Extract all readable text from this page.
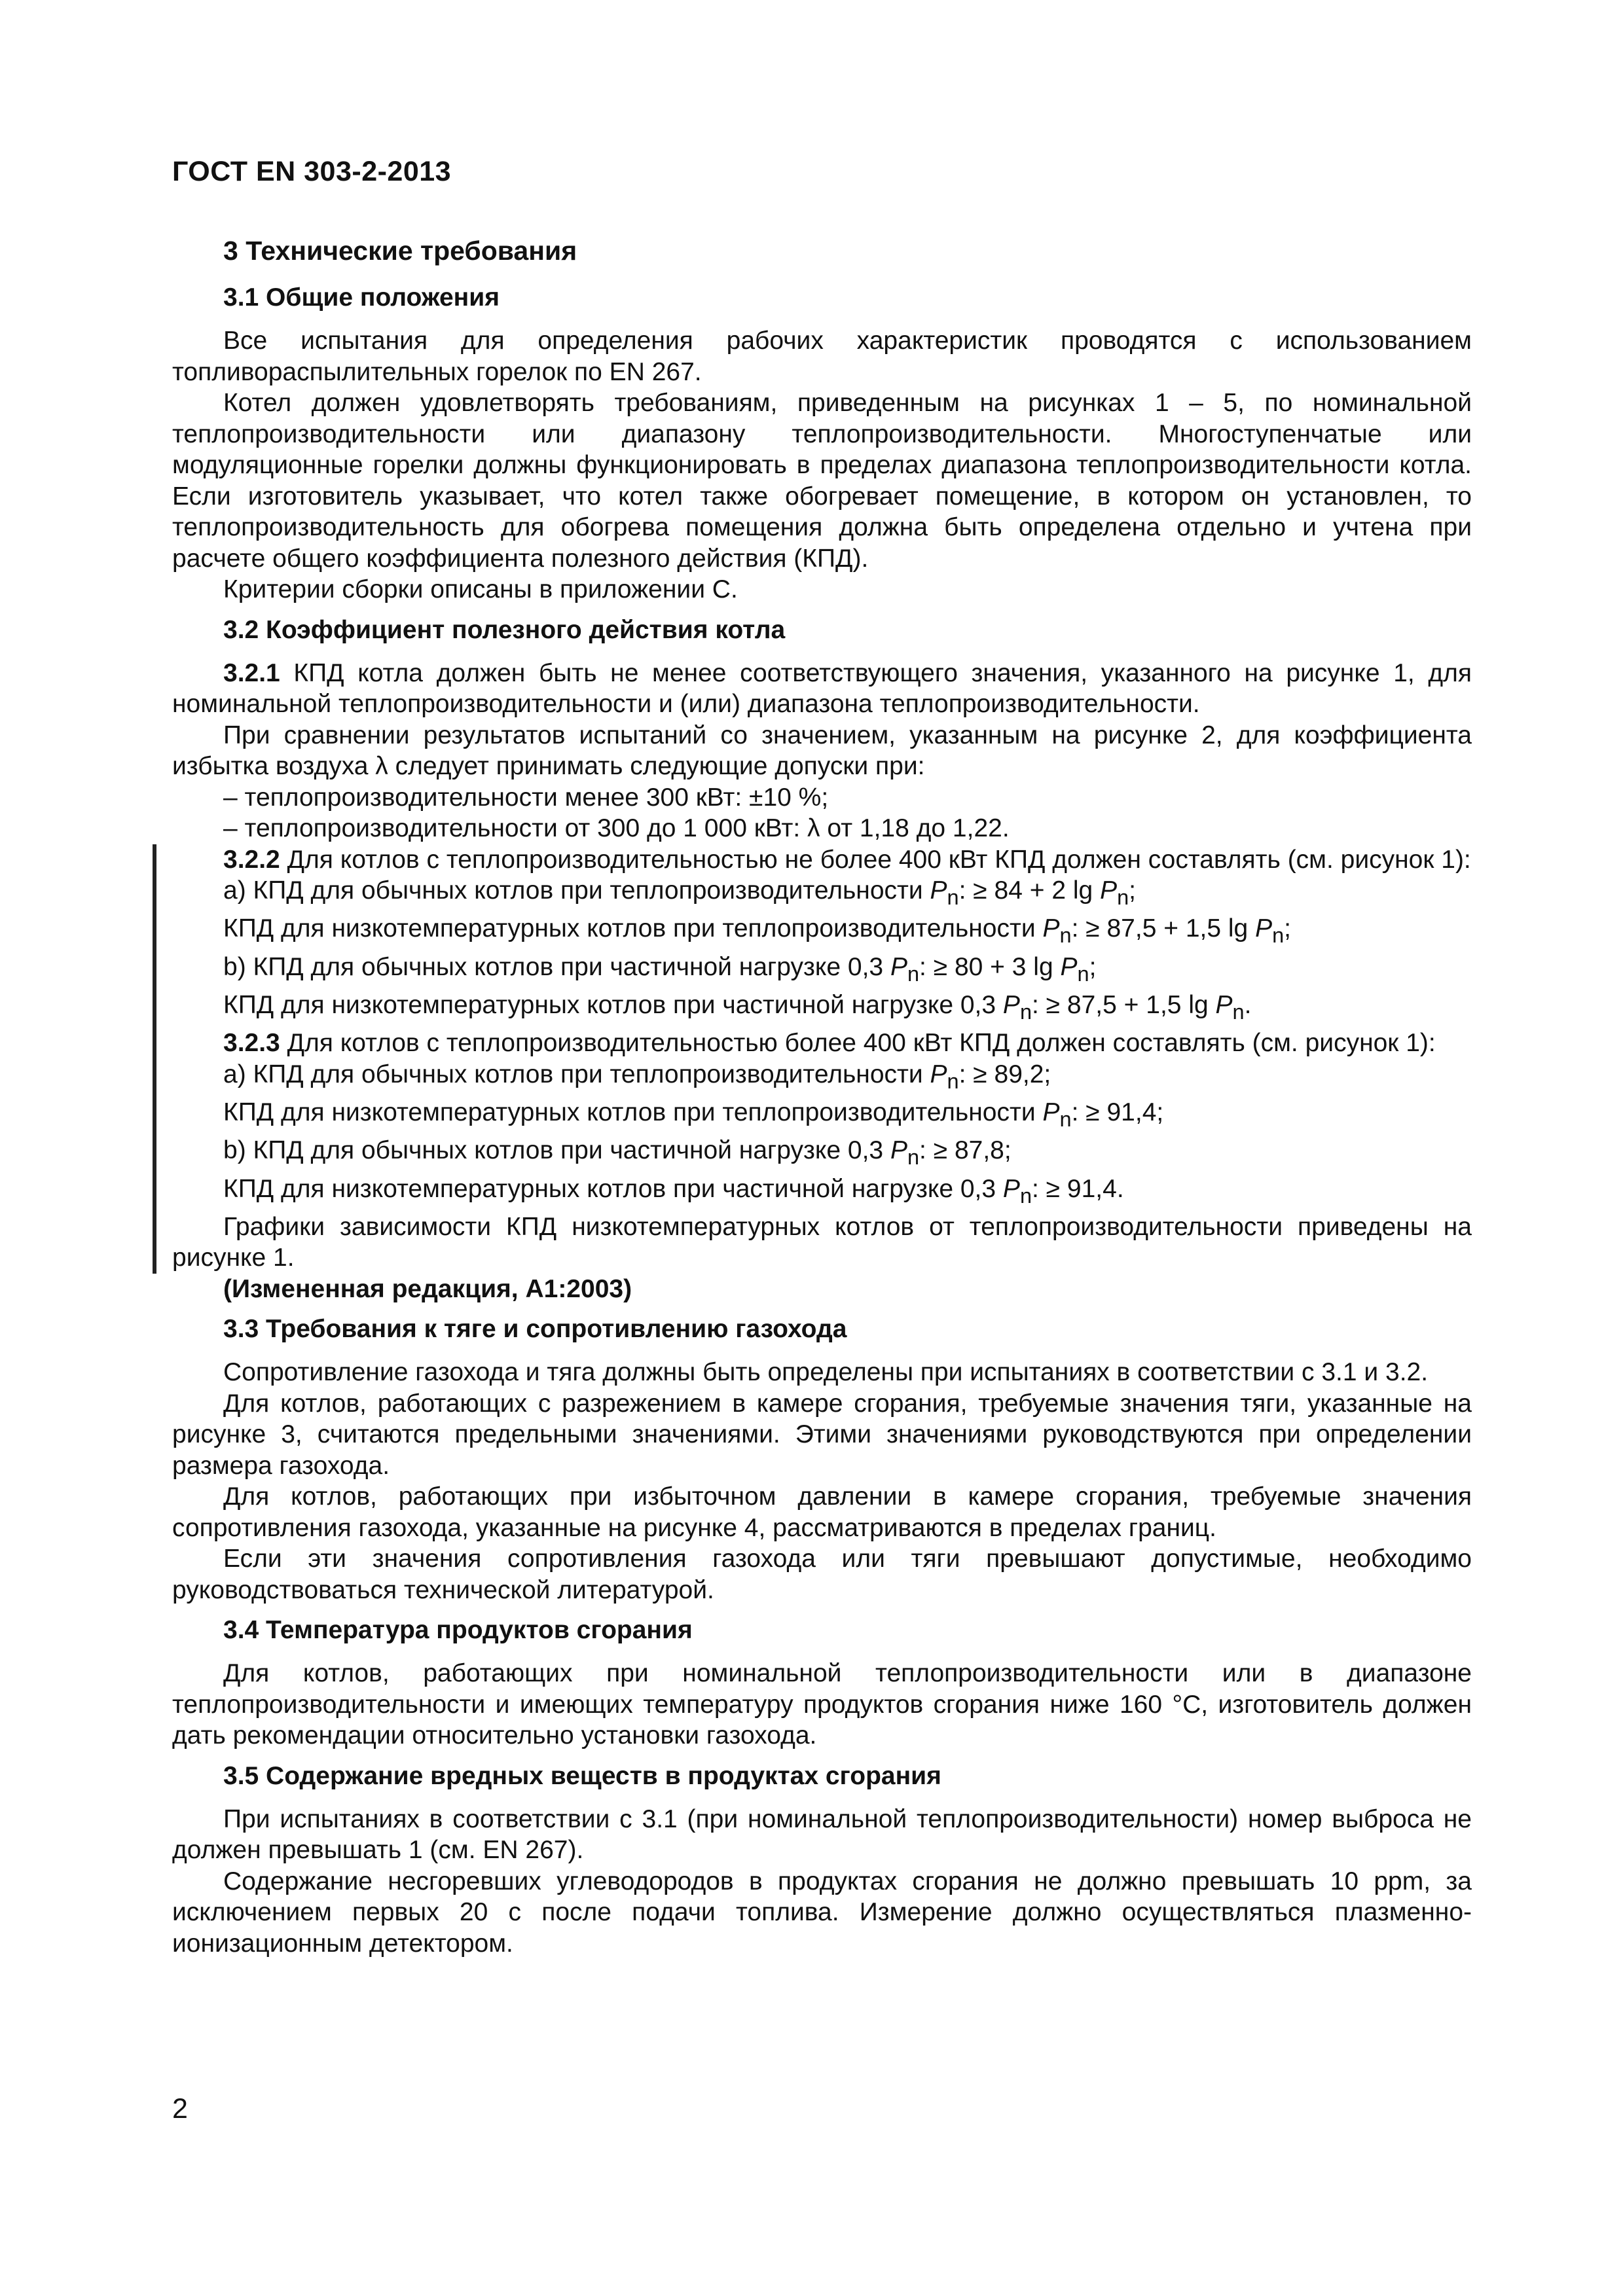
ГОСТ EN 303-2-2013
3 Технические требования
3.1 Общие положения

Все испытания для определения рабочих характеристик проводятся с использованием топливораспылительных горелок по EN 267.

Котел должен удовлетворять требованиям, приведенным на рисунках 1 – 5, по номинальной теплопроизводительности или диапазону теплопроизводительности. Многоступенчатые или модуляционные горелки должны функционировать в пределах диапазона теплопроизводительности котла. Если изготовитель указывает, что котел также обогревает помещение, в котором он установлен, то теплопроизводительность для обогрева помещения должна быть определена отдельно и учтена при расчете общего коэффициента полезного действия (КПД).

Критерии сборки описаны в приложении С.

3.2 Коэффициент полезного действия котла

3.2.1 КПД котла должен быть не менее соответствующего значения, указанного на рисунке 1, для номинальной теплопроизводительности и (или) диапазона теплопроизводительности.

При сравнении результатов испытаний со значением, указанным на рисунке 2, для коэффициента избытка воздуха λ следует принимать следующие допуски при:

– теплопроизводительности менее 300 кВт: ±10 %;

– теплопроизводительности от 300 до 1 000 кВт: λ от 1,18 до 1,22.

3.2.2 Для котлов с теплопроизводительностью не более 400 кВт КПД должен составлять (см. рисунок 1):

а) КПД для обычных котлов при теплопроизводительности $P_n$: ≥ 84 + 2 $\lg P_n$;

КПД для низкотемпературных котлов при теплопроизводительности $P_n$: ≥ 87,5 + 1,5 $\lg P_n$;

b) КПД для обычных котлов при частичной нагрузке 0,3 $P_n$: ≥ 80 + 3 $\lg P_n$;

КПД для низкотемпературных котлов при частичной нагрузке 0,3 $P_n$: ≥ 87,5 + 1,5 $\lg P_n$.

3.2.3 Для котлов с теплопроизводительностью более 400 кВт КПД должен составлять (см. рисунок 1):

а) КПД для обычных котлов при теплопроизводительности $P_n$: ≥ 89,2;

КПД для низкотемпературных котлов при теплопроизводительности $P_n$: ≥ 91,4;

b) КПД для обычных котлов при частичной нагрузке 0,3 $P_n$: ≥ 87,8;

КПД для низкотемпературных котлов при частичной нагрузке 0,3 $P_n$: ≥ 91,4.

Графики зависимости КПД низкотемпературных котлов от теплопроизводительности приведены на рисунке 1.

(Измененная редакция, А1:2003)

3.3 Требования к тяге и сопротивлению газохода

Сопротивление газохода и тяга должны быть определены при испытаниях в соответствии с 3.1 и 3.2.

Для котлов, работающих с разрежением в камере сгорания, требуемые значения тяги, указанные на рисунке 3, считаются предельными значениями. Этими значениями руководствуются при определении размера газохода.

Для котлов, работающих при избыточном давлении в камере сгорания, требуемые значения сопротивления газохода, указанные на рисунке 4, рассматриваются в пределах границ.

Если эти значения сопротивления газохода или тяги превышают допустимые, необходимо руководствоваться технической литературой.

3.4 Температура продуктов сгорания

Для котлов, работающих при номинальной теплопроизводительности или в диапазоне теплопроизводительности и имеющих температуру продуктов сгорания ниже 160 °С, изготовитель должен дать рекомендации относительно установки газохода.

3.5 Содержание вредных веществ в продуктах сгорания

При испытаниях в соответствии с 3.1 (при номинальной теплопроизводительности) номер выброса не должен превышать 1 (см. EN 267).

Содержание несгоревших углеводородов в продуктах сгорания не должно превышать 10 ppm, за исключением первых 20 с после подачи топлива. Измерение должно осуществляться плазменно-ионизационным детектором.

2
